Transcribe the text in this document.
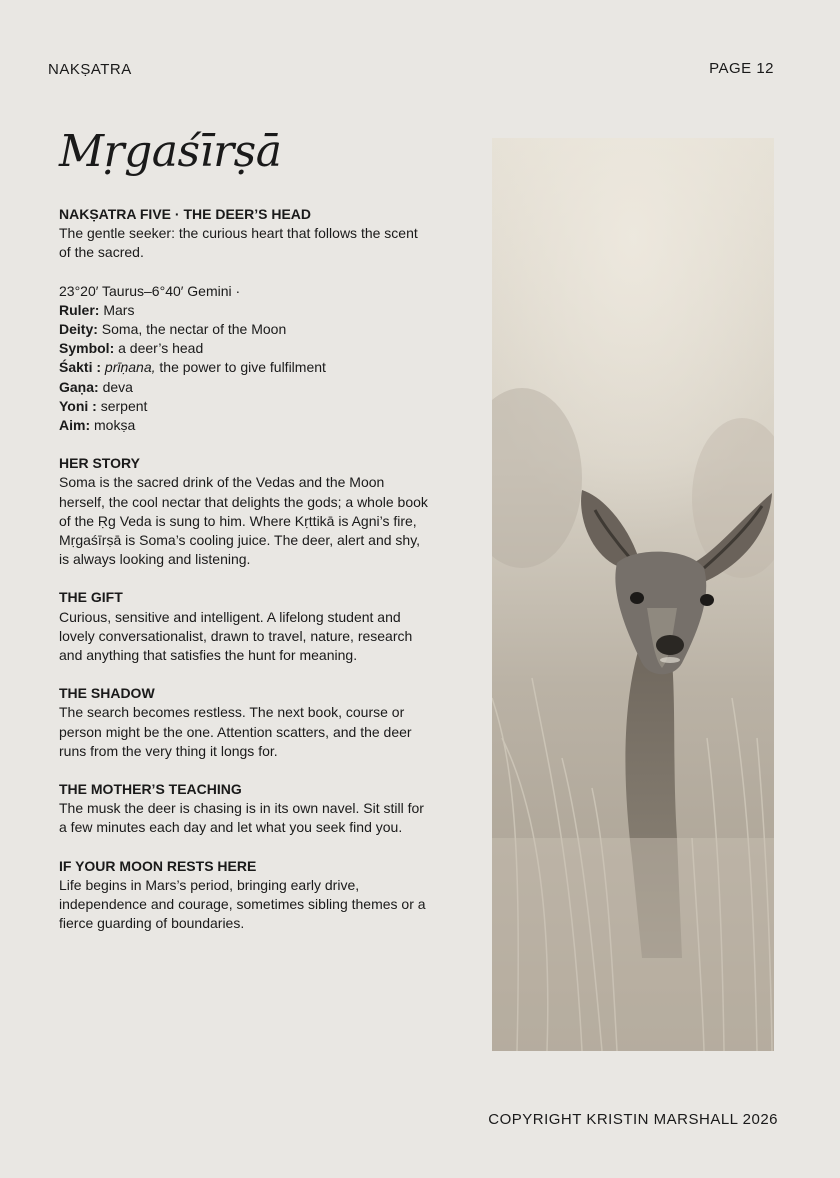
NAKṢATRA	PAGE 12
Mṛgaśīrṣā

NAKṢATRA FIVE · THE DEER’S HEAD
The gentle seeker: the curious heart that follows the scent of the sacred.

23°20′ Taurus–6°40′ Gemini ·
Ruler: Mars
Deity: Soma, the nectar of the Moon
Symbol: a deer’s head
Śakti : prīṇana, the power to give fulfilment
Gaṇa: deva
Yoni : serpent
Aim: mokṣa

HER STORY
Soma is the sacred drink of the Vedas and the Moon herself, the cool nectar that delights the gods; a whole book of the Ṛg Veda is sung to him. Where Kṛttikā is Agni’s fire, Mṛgaśīrṣā is Soma’s cooling juice. The deer, alert and shy, is always looking and listening.

THE GIFT
Curious, sensitive and intelligent. A lifelong student and lovely conversationalist, drawn to travel, nature, research and anything that satisfies the hunt for meaning.

THE SHADOW
The search becomes restless. The next book, course or person might be the one. Attention scatters, and the deer runs from the very thing it longs for.

THE MOTHER’S TEACHING
The musk the deer is chasing is in its own navel. Sit still for a few minutes each day and let what you seek find you.

IF YOUR MOON RESTS HERE
Life begins in Mars’s period, bringing early drive, independence and courage, sometimes sibling themes or a fierce guarding of boundaries.

COPYRIGHT KRISTIN MARSHALL 2026
